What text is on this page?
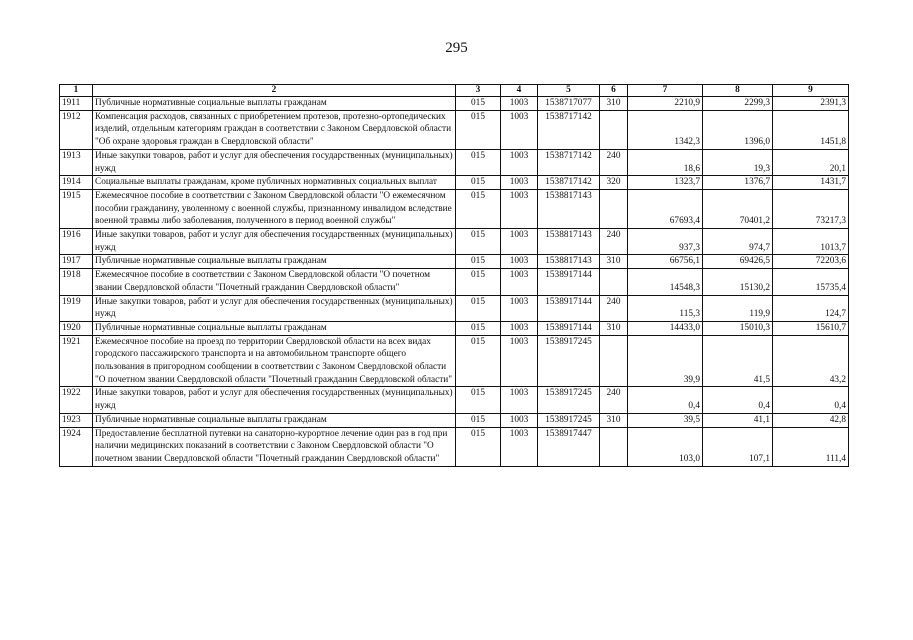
295
1	2	3	4	5	6	7	8	9
1911	Публичные нормативные социальные выплаты гражданам	015	1003	1538717077	310	2210,9	2299,3	2391,3
1912	Компенсация расходов, связанных с приобретением протезов, протезно-ортопедических изделий, отдельным категориям граждан в соответствии с Законом Свердловской области "Об охране здоровья граждан в Свердловской области"	015	1003	1538717142		1342,3	1396,0	1451,8
1913	Иные закупки товаров, работ и услуг для обеспечения государственных (муниципальных) нужд	015	1003	1538717142	240	18,6	19,3	20,1
1914	Социальные выплаты гражданам, кроме публичных нормативных социальных выплат	015	1003	1538717142	320	1323,7	1376,7	1431,7
1915	Ежемесячное пособие в соответствии с Законом Свердловской области "О ежемесячном пособии гражданину, уволенному с военной службы, признанному инвалидом вследствие военной травмы либо заболевания, полученного в период военной службы"	015	1003	1538817143		67693,4	70401,2	73217,3
1916	Иные закупки товаров, работ и услуг для обеспечения государственных (муниципальных) нужд	015	1003	1538817143	240	937,3	974,7	1013,7
1917	Публичные нормативные социальные выплаты гражданам	015	1003	1538817143	310	66756,1	69426,5	72203,6
1918	Ежемесячное пособие в соответствии с Законом Свердловской области "О почетном звании Свердловской области "Почетный гражданин Свердловской области"	015	1003	1538917144		14548,3	15130,2	15735,4
1919	Иные закупки товаров, работ и услуг для обеспечения государственных (муниципальных) нужд	015	1003	1538917144	240	115,3	119,9	124,7
1920	Публичные нормативные социальные выплаты гражданам	015	1003	1538917144	310	14433,0	15010,3	15610,7
1921	Ежемесячное пособие на проезд по территории Свердловской области на всех видах городского пассажирского транспорта и на автомобильном транспорте общего пользования в пригородном сообщении в соответствии с Законом Свердловской области "О почетном звании Свердловской области "Почетный гражданин Свердловской области"	015	1003	1538917245		39,9	41,5	43,2
1922	Иные закупки товаров, работ и услуг для обеспечения государственных (муниципальных) нужд	015	1003	1538917245	240	0,4	0,4	0,4
1923	Публичные нормативные социальные выплаты гражданам	015	1003	1538917245	310	39,5	41,1	42,8
1924	Предоставление бесплатной путевки на санаторно-курортное лечение один раз в год при наличии медицинских показаний в соответствии с Законом Свердловской области "О почетном звании Свердловской области "Почетный гражданин Свердловской области"	015	1003	1538917447		103,0	107,1	111,4
